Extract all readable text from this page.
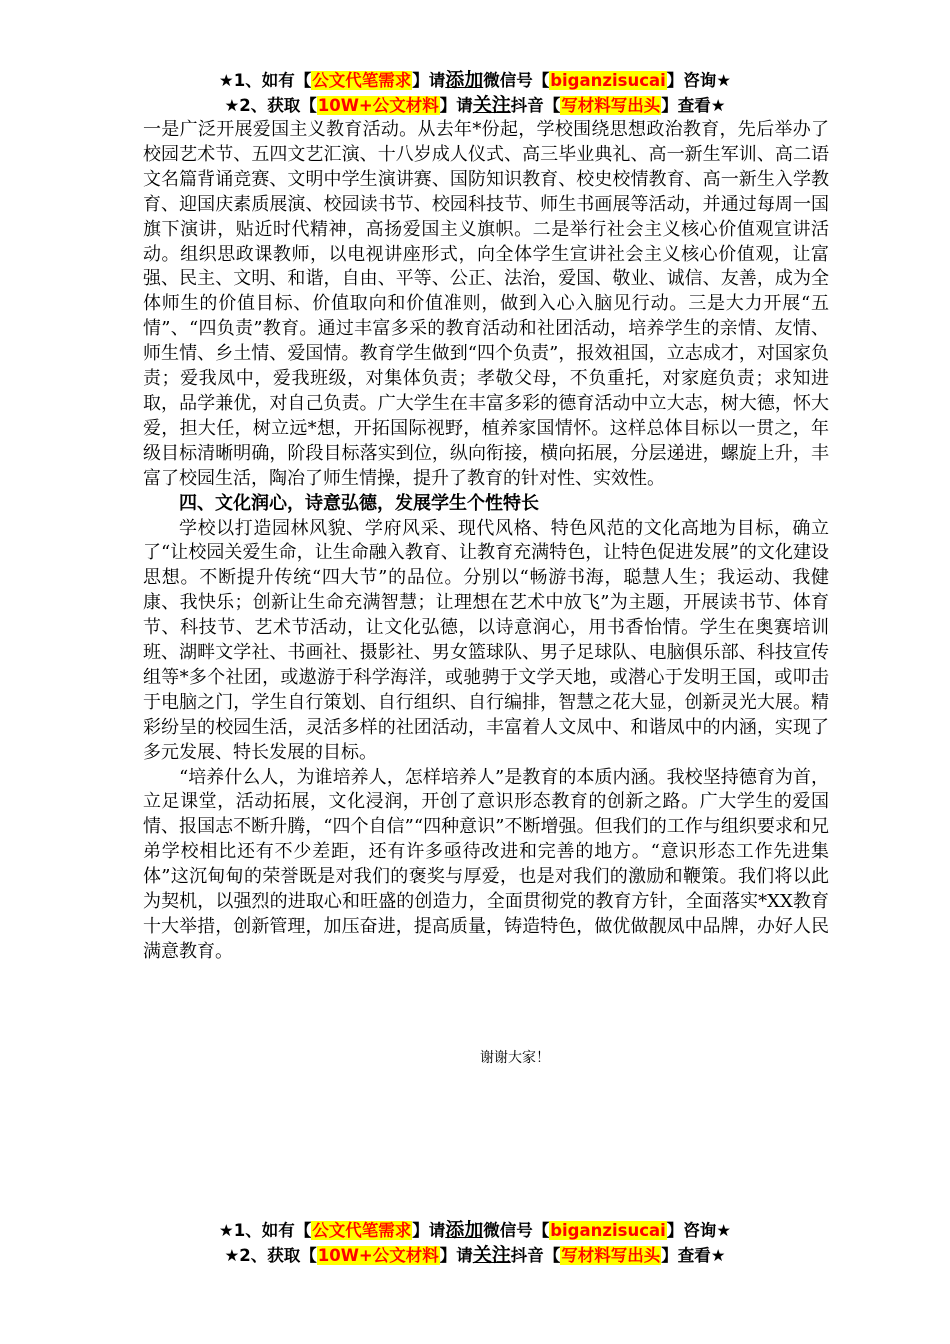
★1、如有【公文代笔需求】请添加微信号【biganzisucai】咨询★
★2、获取【10W+公文材料】请关注抖音【写材料写出头】查看★

一是广泛开展爱国主义教育活动。从去年*份起，学校围绕思想政治教育，先后举办了校园艺术节、五四文艺汇演、十八岁成人仪式、高三毕业典礼、高一新生军训、高二语文名篇背诵竞赛、文明中学生演讲赛、国防知识教育、校史校情教育、高一新生入学教育、迎国庆素质展演、校园读书节、校园科技节、师生书画展等活动，并通过每周一国旗下演讲，贴近时代精神，高扬爱国主义旗帜。二是举行社会主义核心价值观宣讲活动。组织思政课教师，以电视讲座形式，向全体学生宣讲社会主义核心价值观，让富强、民主、文明、和谐，自由、平等、公正、法治，爱国、敬业、诚信、友善，成为全体师生的价值目标、价值取向和价值准则，做到入心入脑见行动。三是大力开展“五情”、“四负责”教育。通过丰富多采的教育活动和社团活动，培养学生的亲情、友情、师生情、乡土情、爱国情。教育学生做到“四个负责”，报效祖国，立志成才，对国家负责；爱我凤中，爱我班级，对集体负责；孝敬父母，不负重托，对家庭负责；求知进取，品学兼优，对自己负责。广大学生在丰富多彩的德育活动中立大志，树大德，怀大爱，担大任，树立远*想，开拓国际视野，植养家国情怀。这样总体目标以一贯之，年级目标清晰明确，阶段目标落实到位，纵向衔接，横向拓展，分层递进，螺旋上升，丰富了校园生活，陶冶了师生情操，提升了教育的针对性、实效性。

四、文化润心，诗意弘德，发展学生个性特长

学校以打造园林风貌、学府风采、现代风格、特色风范的文化高地为目标，确立了“让校园关爱生命，让生命融入教育、让教育充满特色，让特色促进发展”的文化建设思想。不断提升传统“四大节”的品位。分别以“畅游书海，聪慧人生；我运动、我健康、我快乐；创新让生命充满智慧；让理想在艺术中放飞”为主题，开展读书节、体育节、科技节、艺术节活动，让文化弘德，以诗意润心，用书香怡情。学生在奥赛培训班、湖畔文学社、书画社、摄影社、男女篮球队、男子足球队、电脑俱乐部、科技宣传组等*多个社团，或遨游于科学海洋，或驰骋于文学天地，或潜心于发明王国，或叩击于电脑之门，学生自行策划、自行组织、自行编排，智慧之花大显，创新灵光大展。精彩纷呈的校园生活，灵活多样的社团活动，丰富着人文凤中、和谐凤中的内涵，实现了多元发展、特长发展的目标。

“培养什么人，为谁培养人，怎样培养人”是教育的本质内涵。我校坚持德育为首，立足课堂，活动拓展，文化浸润，开创了意识形态教育的创新之路。广大学生的爱国情、报国志不断升腾，“四个自信”“四种意识”不断增强。但我们的工作与组织要求和兄弟学校相比还有不少差距，还有许多亟待改进和完善的地方。“意识形态工作先进集体”这沉甸甸的荣誉既是对我们的褒奖与厚爱，也是对我们的激励和鞭策。我们将以此为契机，以强烈的进取心和旺盛的创造力，全面贯彻党的教育方针，全面落实*XX教育十大举措，创新管理，加压奋进，提高质量，铸造特色，做优做靓凤中品牌，办好人民满意教育。

谢谢大家！
★1、如有【公文代笔需求】请添加微信号【biganzisucai】咨询★
★2、获取【10W+公文材料】请关注抖音【写材料写出头】查看★
